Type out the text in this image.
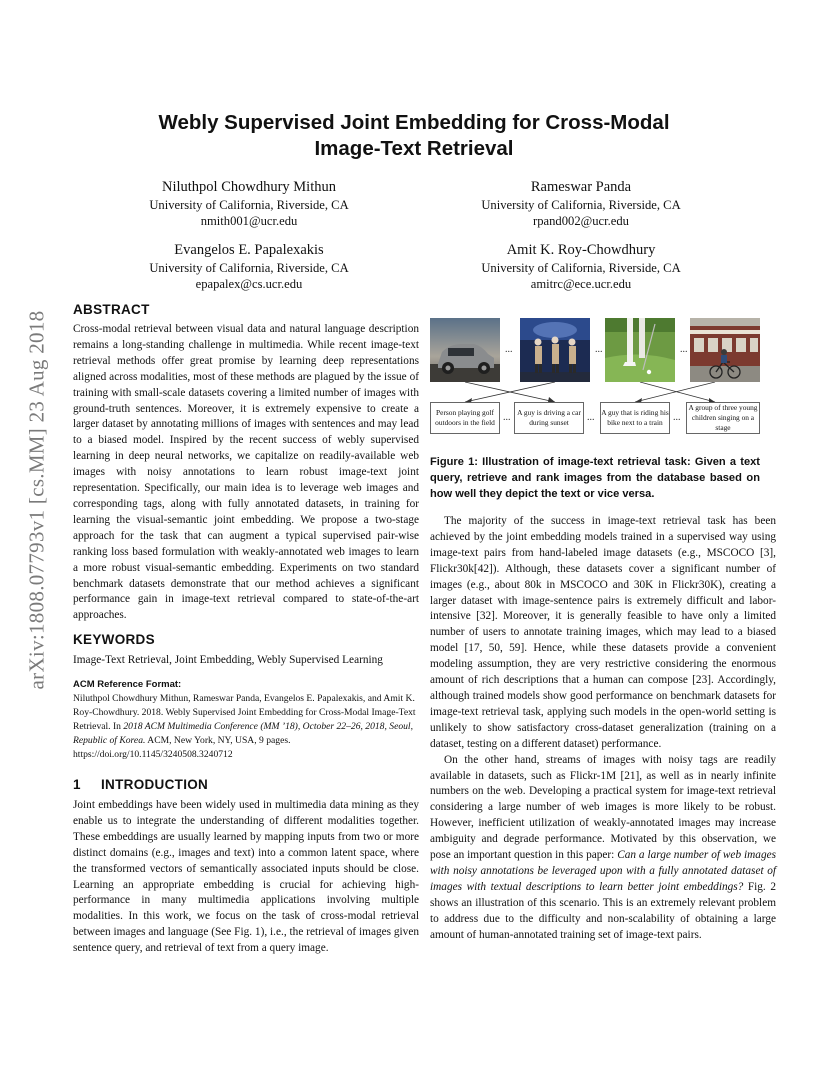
arXiv:1808.07793v1 [cs.MM] 23 Aug 2018
Webly Supervised Joint Embedding for Cross-Modal
Image-Text Retrieval
Niluthpol Chowdhury Mithun
University of California, Riverside, CA
nmith001@ucr.edu
Rameswar Panda
University of California, Riverside, CA
rpand002@ucr.edu
Evangelos E. Papalexakis
University of California, Riverside, CA
epapalex@cs.ucr.edu
Amit K. Roy-Chowdhury
University of California, Riverside, CA
amitrc@ece.ucr.edu
ABSTRACT

Cross-modal retrieval between visual data and natural language description remains a long-standing challenge in multimedia. While recent image-text retrieval methods offer great promise by learning deep representations aligned across modalities, most of these methods are plagued by the issue of training with small-scale datasets covering a limited number of images with ground-truth sentences. Moreover, it is extremely expensive to create a larger dataset by annotating millions of images with sentences and may lead to a biased model. Inspired by the recent success of webly supervised learning in deep neural networks, we capitalize on readily-available web images with noisy annotations to learn robust image-text joint representation. Specifically, our main idea is to leverage web images and corresponding tags, along with fully annotated datasets, in training for learning the visual-semantic joint embedding. We propose a two-stage approach for the task that can augment a typical supervised pair-wise ranking loss based formulation with weakly-annotated web images to learn a more robust visual-semantic embedding. Experiments on two standard benchmark datasets demonstrate that our method achieves a significant performance gain in image-text retrieval compared to state-of-the-art approaches.

KEYWORDS

Image-Text Retrieval, Joint Embedding, Webly Supervised Learning

ACM Reference Format:
Niluthpol Chowdhury Mithun, Rameswar Panda, Evangelos E. Papalexakis, and Amit K. Roy-Chowdhury. 2018. Webly Supervised Joint Embedding for Cross-Modal Image-Text Retrieval. In 2018 ACM Multimedia Conference (MM ’18), October 22–26, 2018, Seoul, Republic of Korea. ACM, New York, NY, USA, 9 pages. https://doi.org/10.1145/3240508.3240712
1 INTRODUCTION

Joint embeddings have been widely used in multimedia data mining as they enable us to integrate the understanding of different modalities together. These embeddings are usually learned by mapping inputs from two or more distinct domains (e.g., images and text) into a common latent space, where the transformed vectors of semantically associated inputs should be close. Learning an appropriate embedding is crucial for achieving high-performance in many multimedia applications involving multiple modalities. In this work, we focus on the task of cross-modal retrieval between images and language (See Fig. 1), i.e., the retrieval of images given sentence query, and retrieval of text from a query image.

...	...	...
Person playing golf outdoors in the field ... A guy is driving a car during sunset	... A guy that is riding his bike next to a train	...
A group of three young children singing on a stage
Figure 1: Illustration of image-text retrieval task: Given a text query, retrieve and rank images from the database based on how well they depict the text or vice versa.

The majority of the success in image-text retrieval task has been achieved by the joint embedding models trained in a supervised way using image-text pairs from hand-labeled image datasets (e.g., MSCOCO [3], Flickr30k[42]). Although, these datasets cover a significant number of images (e.g., about 80k in MSCOCO and 30K in Flickr30K), creating a larger dataset with image-sentence pairs is extremely difficult and labor-intensive [32]. Moreover, it is generally feasible to have only a limited number of users to annotate training images, which may lead to a biased model [17, 50, 59]. Hence, while these datasets provide a convenient modeling assumption, they are very restrictive considering the enormous amount of rich descriptions that a human can compose [23]. Accordingly, although trained models show good performance on benchmark datasets for image-text retrieval task, applying such models in the open-world setting is unlikely to show satisfactory cross-dataset generalization (training on a dataset, testing on a different dataset) performance.

On the other hand, streams of images with noisy tags are readily available in datasets, such as Flickr-1M [21], as well as in nearly infinite numbers on the web. Developing a practical system for image-text retrieval considering a large number of web images is more likely to be robust. However, inefficient utilization of weakly-annotated images may increase ambiguity and degrade performance. Motivated by this observation, we pose an important question in this paper: Can a large number of web images with noisy annotations be leveraged upon with a fully annotated dataset of images with textual descriptions to learn better joint embeddings? Fig. 2 shows an illustration of this scenario. This is an extremely relevant problem to address due to the difficulty and non-scalability of obtaining a large amount of human-annotated training set of image-text pairs.
